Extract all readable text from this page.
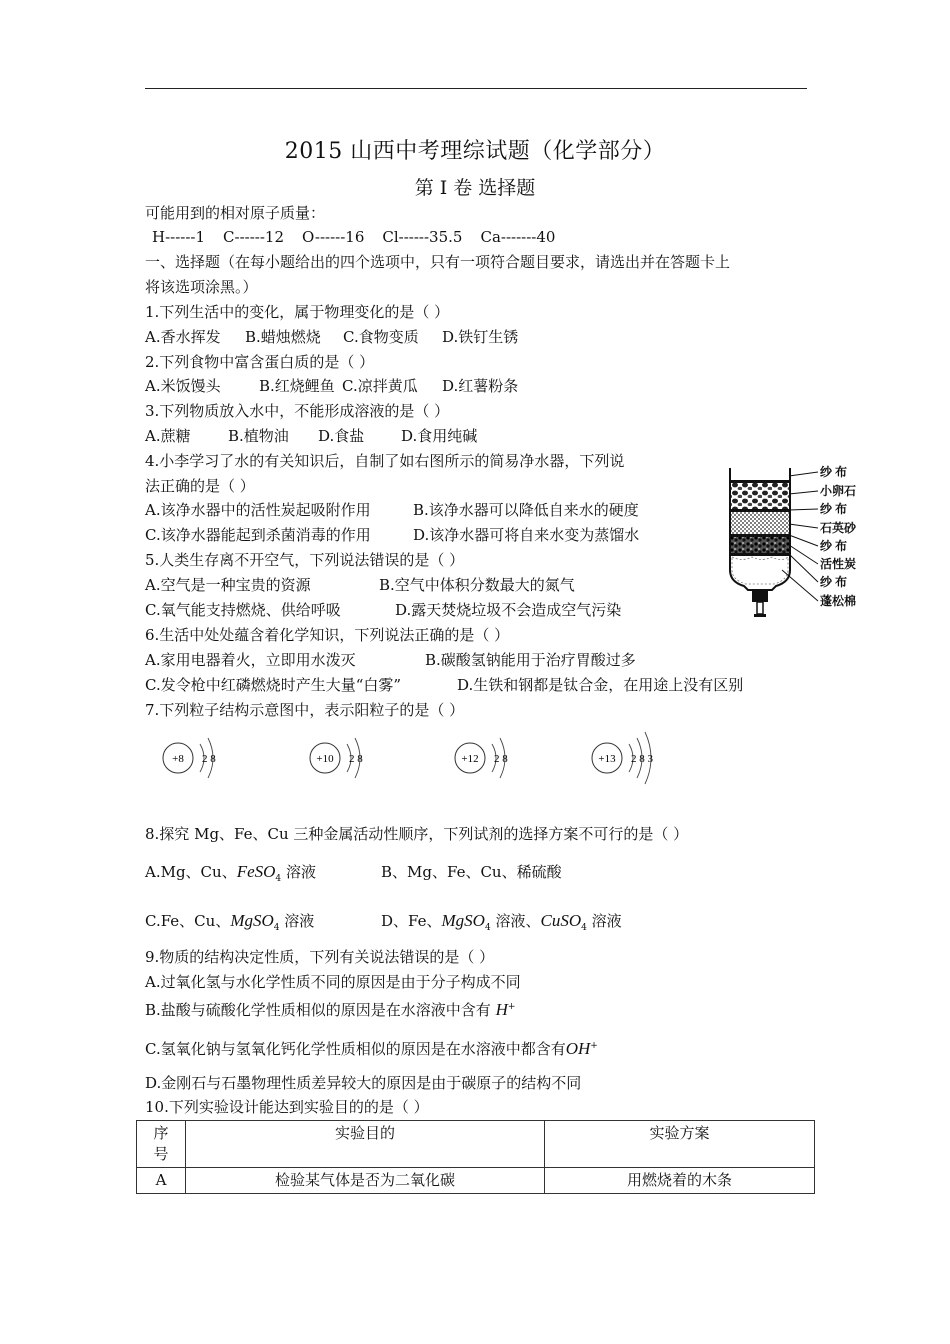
2015 山西中考理综试题（化学部分）
第 I 卷 选择题
可能用到的相对原子质量：
H------1 C------12 O------16 Cl------35.5 Ca-------40
一、选择题（在每小题给出的四个选项中，只有一项符合题目要求，请选出并在答题卡上
将该选项涂黑。）
1.下列生活中的变化，属于物理变化的是（ ）
A.香水挥发 B.蜡烛燃烧 C.食物变质 D.铁钉生锈
2.下列食物中富含蛋白质的是（ ）
A.米饭馒头	B.红烧鲤鱼 C.凉拌黄瓜 D.红薯粉条
3.下列物质放入水中，不能形成溶液的是（ ）
A.蔗糖 B.植物油 D.食盐 D.食用纯碱
4.小李学习了水的有关知识后，自制了如右图所示的简易净水器，下列说
法正确的是（ ）
A.该净水器中的活性炭起吸附作用	B.该净水器可以降低自来水的硬度
C.该净水器能起到杀菌消毒的作用	D.该净水器可将自来水变为蒸馏水
纱 布
小卵石
纱 布
石英砂
纱 布
活性炭
纱 布
蓬松棉
5.人类生存离不开空气，下列说法错误的是（ ）
A.空气是一种宝贵的资源	B.空气中体积分数最大的氮气
C.氧气能支持燃烧、供给呼吸	D.露天焚烧垃圾不会造成空气污染
6.生活中处处蕴含着化学知识，下列说法正确的是（ ）
A.家用电器着火，立即用水泼灭	B.碳酸氢钠能用于治疗胃酸过多
C.发令枪中红磷燃烧时产生大量“白雾”	D.生铁和钢都是钛合金，在用途上没有区别
7.下列粒子结构示意图中，表示阳粒子的是（ ）
+8 2 8	+10 2 8	+12 2 8	+13 2 8 3
8.探究 Mg、Fe、Cu 三种金属活动性顺序，下列试剂的选择方案不可行的是（ ）
A.Mg、Cu、FeSO$_4$ 溶液	B、Mg、Fe、Cu、稀硫酸
C.Fe、Cu、MgSO$_4$ 溶液	D、Fe、MgSO$_4$ 溶液、CuSO$_4$ 溶液
9.物质的结构决定性质，下列有关说法错误的是（ ）
A.过氧化氢与水化学性质不同的原因是由于分子构成不同
B.盐酸与硫酸化学性质相似的原因是在水溶液中含有 H+
C.氢氧化钠与氢氧化钙化学性质相似的原因是在水溶液中都含有OH+
D.金刚石与石墨物理性质差异较大的原因是由于碳原子的结构不同
10.下列实验设计能达到实验目的的是（ ）
序
号	实验目的	实验方案
A	检验某气体是否为二氧化碳	用燃烧着的木条
